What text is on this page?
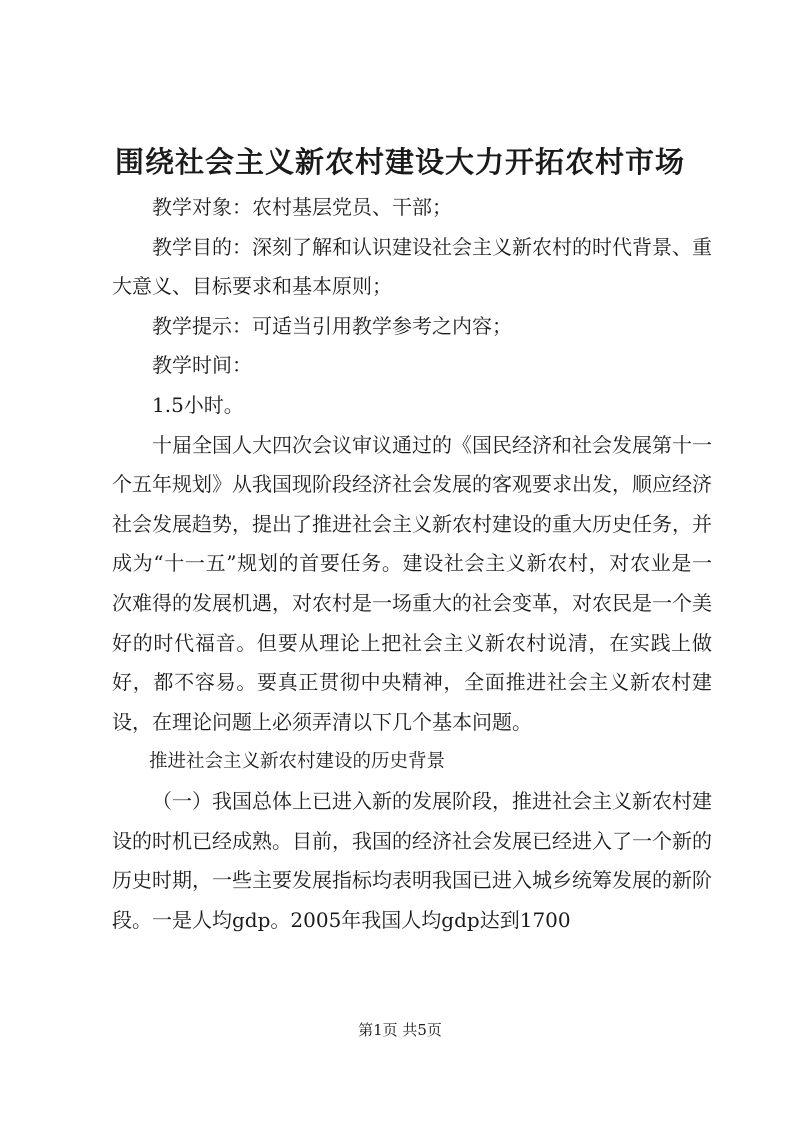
围绕社会主义新农村建设大力开拓农村市场

教学对象：农村基层党员、干部；

教学目的：深刻了解和认识建设社会主义新农村的时代背景、重大意义、目标要求和基本原则；

教学提示：可适当引用教学参考之内容；

教学时间：

1.5小时。

十届全国人大四次会议审议通过的《国民经济和社会发展第十一个五年规划》从我国现阶段经济社会发展的客观要求出发，顺应经济社会发展趋势，提出了推进社会主义新农村建设的重大历史任务，并成为“十一五”规划的首要任务。建设社会主义新农村，对农业是一次难得的发展机遇，对农村是一场重大的社会变革，对农民是一个美好的时代福音。但要从理论上把社会主义新农村说清，在实践上做好，都不容易。要真正贯彻中央精神，全面推进社会主义新农村建设，在理论问题上必须弄清以下几个基本问题。

推进社会主义新农村建设的历史背景

（一）我国总体上已进入新的发展阶段，推进社会主义新农村建设的时机已经成熟。目前，我国的经济社会发展已经进入了一个新的历史时期，一些主要发展指标均表明我国已进入城乡统筹发展的新阶段。一是人均gdp。2005年我国人均gdp达到1700

第1页 共5页
